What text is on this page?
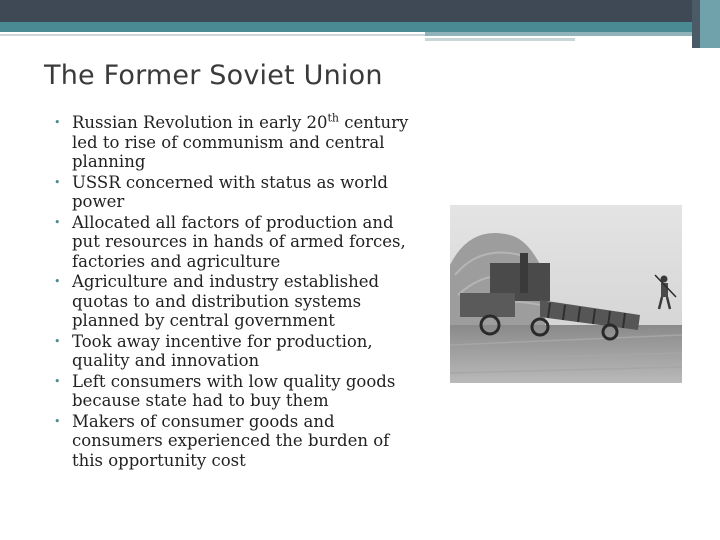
The Former Soviet Union
• Russian Revolution in early 20th century led to rise of communism and central planning
• USSR concerned with status as world power
• Allocated all factors of production and put resources in hands of armed forces, factories and agriculture
• Agriculture and industry established quotas to and distribution systems planned by central government
• Took away incentive for production, quality and innovation
• Left consumers with low quality goods because state had to buy them
• Makers of consumer goods and consumers experienced the burden of this opportunity cost
